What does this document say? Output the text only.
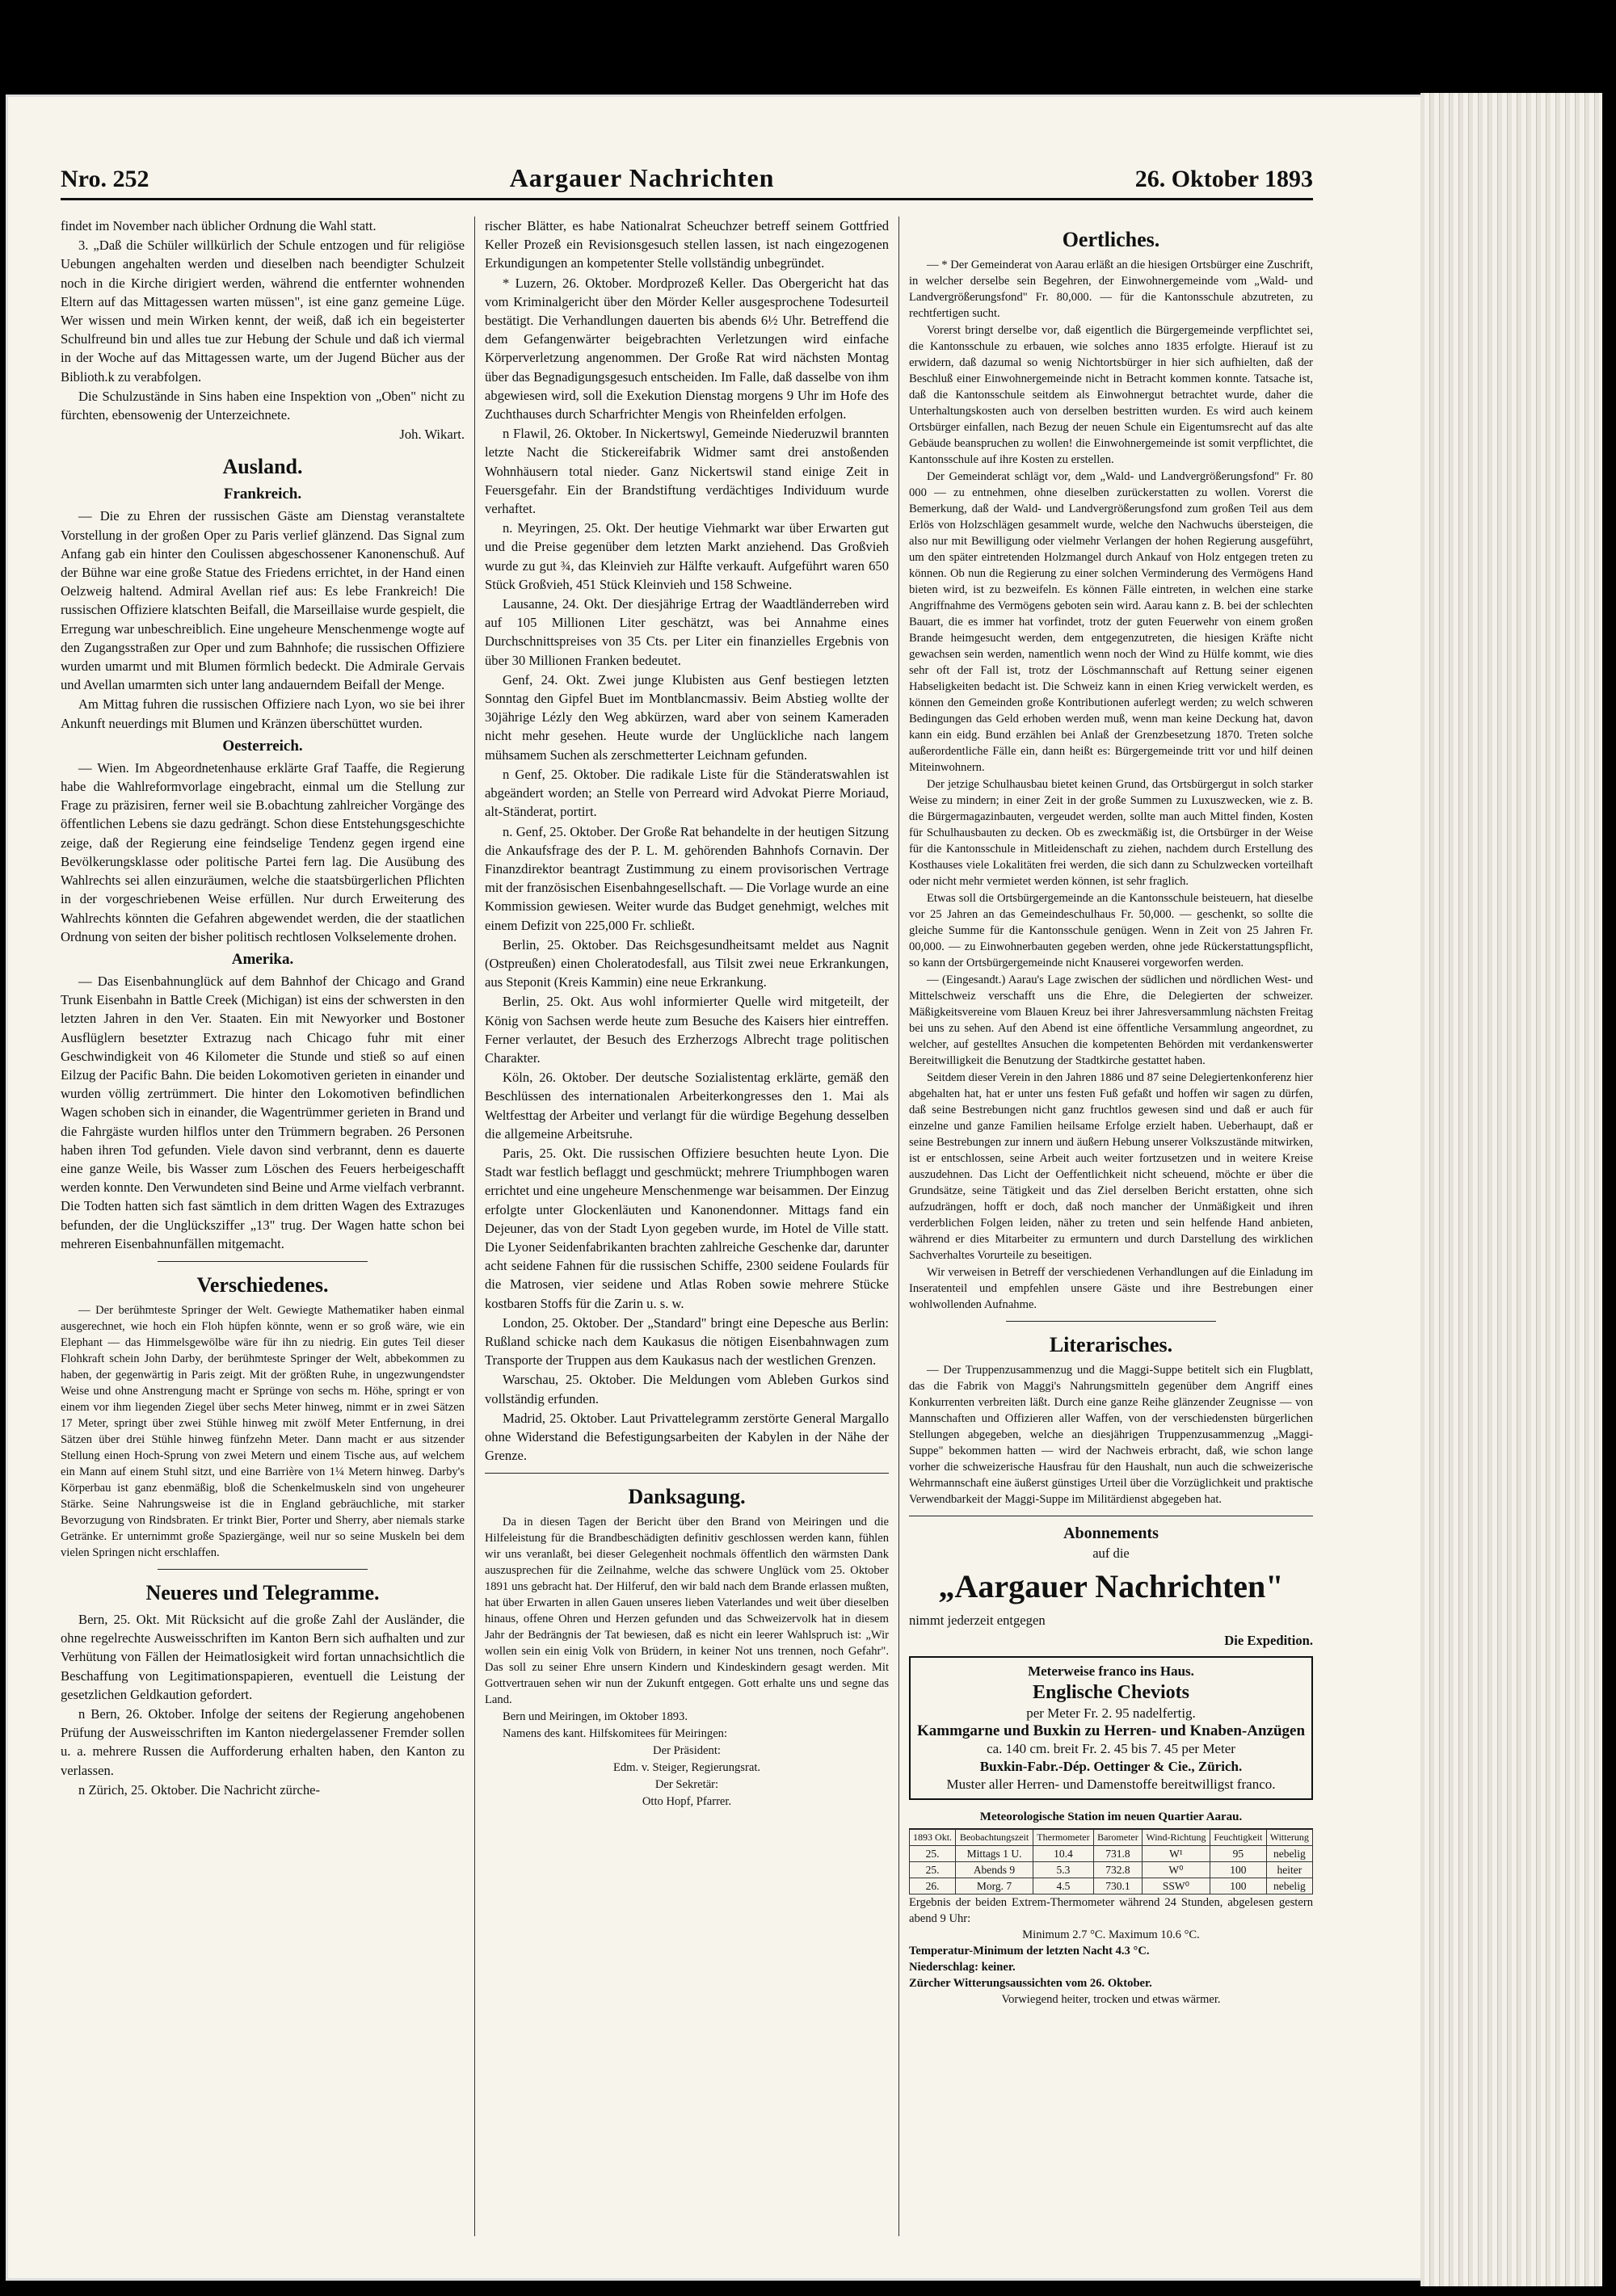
Nro. 252	Aargauer Nachrichten	26. Oktober 1893

findet im November nach üblicher Ordnung die Wahl statt.

3. „Daß die Schüler willkürlich der Schule entzogen und für religiöse Uebungen angehalten werden und dieselben nach beendigter Schulzeit noch in die Kirche dirigiert werden, während die entfernter wohnenden Eltern auf das Mittagessen warten müssen", ist eine ganz gemeine Lüge. Wer wissen und mein Wirken kennt, der weiß, daß ich ein begeisterter Schulfreund bin und alles tue zur Hebung der Schule und daß ich viermal in der Woche auf das Mittagessen warte, um der Jugend Bücher aus der Biblioth.k zu verabfolgen.

Die Schulzustände in Sins haben eine Inspektion von „Oben" nicht zu fürchten, ebensowenig der Unterzeichnete.

Joh. Wikart.

Ausland.
Frankreich.

— Die zu Ehren der russischen Gäste am Dienstag veranstaltete Vorstellung in der großen Oper zu Paris verlief glänzend. Das Signal zum Anfang gab ein hinter den Coulissen abgeschossener Kanonenschuß. Auf der Bühne war eine große Statue des Friedens errichtet, in der Hand einen Oelzweig haltend. Admiral Avellan rief aus: Es lebe Frankreich! Die russischen Offiziere klatschten Beifall, die Marseillaise wurde gespielt, die Erregung war unbeschreiblich. Eine ungeheure Menschenmenge wogte auf den Zugangsstraßen zur Oper und zum Bahnhofe; die russischen Offiziere wurden umarmt und mit Blumen förmlich bedeckt. Die Admirale Gervais und Avellan umarmten sich unter lang andauerndem Beifall der Menge.

Am Mittag fuhren die russischen Offiziere nach Lyon, wo sie bei ihrer Ankunft neuerdings mit Blumen und Kränzen überschüttet wurden.

Oesterreich.

— Wien. Im Abgeordnetenhause erklärte Graf Taaffe, die Regierung habe die Wahlreformvorlage eingebracht, einmal um die Stellung zur Frage zu präzisiren, ferner weil sie B.obachtung zahlreicher Vorgänge des öffentlichen Lebens sie dazu gedrängt. Schon diese Entstehungsgeschichte zeige, daß der Regierung eine feindselige Tendenz gegen irgend eine Bevölkerungsklasse oder politische Partei fern lag. Die Ausübung des Wahlrechts sei allen einzuräumen, welche die staatsbürgerlichen Pflichten in der vorgeschriebenen Weise erfüllen. Nur durch Erweiterung des Wahlrechts könnten die Gefahren abgewendet werden, die der staatlichen Ordnung von seiten der bisher politisch rechtlosen Volkselemente drohen.

Amerika.

— Das Eisenbahnunglück auf dem Bahnhof der Chicago and Grand Trunk Eisenbahn in Battle Creek (Michigan) ist eins der schwersten in den letzten Jahren in den Ver. Staaten. Ein mit Newyorker und Bostoner Ausflüglern besetzter Extrazug nach Chicago fuhr mit einer Geschwindigkeit von 46 Kilometer die Stunde und stieß so auf einen Eilzug der Pacific Bahn. Die beiden Lokomotiven gerieten in einander und wurden völlig zertrümmert. Die hinter den Lokomotiven befindlichen Wagen schoben sich in einander, die Wagentrümmer gerieten in Brand und die Fahrgäste wurden hilflos unter den Trümmern begraben. 26 Personen haben ihren Tod gefunden. Viele davon sind verbrannt, denn es dauerte eine ganze Weile, bis Wasser zum Löschen des Feuers herbeigeschafft werden konnte. Den Verwundeten sind Beine und Arme vielfach verbrannt. Die Todten hatten sich fast sämtlich in dem dritten Wagen des Extrazuges befunden, der die Unglücksziffer „13" trug. Der Wagen hatte schon bei mehreren Eisenbahnunfällen mitgemacht.

Verschiedenes.

— Der berühmteste Springer der Welt. Gewiegte Mathematiker haben einmal ausgerechnet, wie hoch ein Floh hüpfen könnte, wenn er so groß wäre, wie ein Elephant — das Himmelsgewölbe wäre für ihn zu niedrig. Ein gutes Teil dieser Flohkraft schein John Darby, der berühmteste Springer der Welt, abbekommen zu haben, der gegenwärtig in Paris zeigt. Mit der größten Ruhe, in ungezwungendster Weise und ohne Anstrengung macht er Sprünge von sechs m. Höhe, springt er von einem vor ihm liegenden Ziegel über sechs Meter hinweg, nimmt er in zwei Sätzen 17 Meter, springt über zwei Stühle hinweg mit zwölf Meter Entfernung, in drei Sätzen über drei Stühle hinweg fünfzehn Meter. Dann macht er aus sitzender Stellung einen Hoch-Sprung von zwei Metern und einem Tische aus, auf welchem ein Mann auf einem Stuhl sitzt, und eine Barrière von 1¼ Metern hinweg. Darby's Körperbau ist ganz ebenmäßig, bloß die Schenkelmuskeln sind von ungeheurer Stärke. Seine Nahrungsweise ist die in England gebräuchliche, mit starker Bevorzugung von Rindsbraten. Er trinkt Bier, Porter und Sherry, aber niemals starke Getränke. Er unternimmt große Spaziergänge, weil nur so seine Muskeln bei dem vielen Springen nicht erschlaffen.

Neueres und Telegramme.

Bern, 25. Okt. Mit Rücksicht auf die große Zahl der Ausländer, die ohne regelrechte Ausweisschriften im Kanton Bern sich aufhalten und zur Verhütung von Fällen der Heimatlosigkeit wird fortan unnachsichtlich die Beschaffung von Legitimationspapieren, eventuell die Leistung der gesetzlichen Geldkaution gefordert.

n Bern, 26. Oktober. Infolge der seitens der Regierung angehobenen Prüfung der Ausweisschriften im Kanton niedergelassener Fremder sollen u. a. mehrere Russen die Aufforderung erhalten haben, den Kanton zu verlassen.

n Zürich, 25. Oktober. Die Nachricht zürche-

rischer Blätter, es habe Nationalrat Scheuchzer betreff seinem Gottfried Keller Prozeß ein Revisionsgesuch stellen lassen, ist nach eingezogenen Erkundigungen an kompetenter Stelle vollständig unbegründet.

* Luzern, 26. Oktober. Mordprozeß Keller. Das Obergericht hat das vom Kriminalgericht über den Mörder Keller ausgesprochene Todesurteil bestätigt. Die Verhandlungen dauerten bis abends 6½ Uhr. Betreffend die dem Gefangenwärter beigebrachten Verletzungen wird einfache Körperverletzung angenommen. Der Große Rat wird nächsten Montag über das Begnadigungsgesuch entscheiden. Im Falle, daß dasselbe von ihm abgewiesen wird, soll die Exekution Dienstag morgens 9 Uhr im Hofe des Zuchthauses durch Scharfrichter Mengis von Rheinfelden erfolgen.

n Flawil, 26. Oktober. In Nickertswyl, Gemeinde Niederuzwil brannten letzte Nacht die Stickereifabrik Widmer samt drei anstoßenden Wohnhäusern total nieder. Ganz Nickertswil stand einige Zeit in Feuersgefahr. Ein der Brandstiftung verdächtiges Individuum wurde verhaftet.

n. Meyringen, 25. Okt. Der heutige Viehmarkt war über Erwarten gut und die Preise gegenüber dem letzten Markt anziehend. Das Großvieh wurde zu gut ¾, das Kleinvieh zur Hälfte verkauft. Aufgeführt waren 650 Stück Großvieh, 451 Stück Kleinvieh und 158 Schweine.

Lausanne, 24. Okt. Der diesjährige Ertrag der Waadtländerreben wird auf 105 Millionen Liter geschätzt, was bei Annahme eines Durchschnittspreises von 35 Cts. per Liter ein finanzielles Ergebnis von über 30 Millionen Franken bedeutet.

Genf, 24. Okt. Zwei junge Klubisten aus Genf bestiegen letzten Sonntag den Gipfel Buet im Montblancmassiv. Beim Abstieg wollte der 30jährige Lézly den Weg abkürzen, ward aber von seinem Kameraden nicht mehr gesehen. Heute wurde der Unglückliche nach langem mühsamem Suchen als zerschmetterter Leichnam gefunden.

n Genf, 25. Oktober. Die radikale Liste für die Ständeratswahlen ist abgeändert worden; an Stelle von Perreard wird Advokat Pierre Moriaud, alt-Ständerat, portirt.

n. Genf, 25. Oktober. Der Große Rat behandelte in der heutigen Sitzung die Ankaufsfrage des der P. L. M. gehörenden Bahnhofs Cornavin. Der Finanzdirektor beantragt Zustimmung zu einem provisorischen Vertrage mit der französischen Eisenbahngesellschaft. — Die Vorlage wurde an eine Kommission gewiesen. Weiter wurde das Budget genehmigt, welches mit einem Defizit von 225,000 Fr. schließt.

Berlin, 25. Oktober. Das Reichsgesundheitsamt meldet aus Nagnit (Ostpreußen) einen Choleratodesfall, aus Tilsit zwei neue Erkrankungen, aus Steponit (Kreis Kammin) eine neue Erkrankung.

Berlin, 25. Okt. Aus wohl informierter Quelle wird mitgeteilt, der König von Sachsen werde heute zum Besuche des Kaisers hier eintreffen. Ferner verlautet, der Besuch des Erzherzogs Albrecht trage politischen Charakter.

Köln, 26. Oktober. Der deutsche Sozialistentag erklärte, gemäß den Beschlüssen des internationalen Arbeiterkongresses den 1. Mai als Weltfesttag der Arbeiter und verlangt für die würdige Begehung desselben die allgemeine Arbeitsruhe.

Paris, 25. Okt. Die russischen Offiziere besuchten heute Lyon. Die Stadt war festlich beflaggt und geschmückt; mehrere Triumphbogen waren errichtet und eine ungeheure Menschenmenge war beisammen. Der Einzug erfolgte unter Glockenläuten und Kanonendonner. Mittags fand ein Dejeuner, das von der Stadt Lyon gegeben wurde, im Hotel de Ville statt. Die Lyoner Seidenfabrikanten brachten zahlreiche Geschenke dar, darunter acht seidene Fahnen für die russischen Schiffe, 2300 seidene Foulards für die Matrosen, vier seidene und Atlas Roben sowie mehrere Stücke kostbaren Stoffs für die Zarin u. s. w.

London, 25. Oktober. Der „Standard" bringt eine Depesche aus Berlin: Rußland schicke nach dem Kaukasus die nötigen Eisenbahnwagen zum Transporte der Truppen aus dem Kaukasus nach der westlichen Grenzen.

Warschau, 25. Oktober. Die Meldungen vom Ableben Gurkos sind vollständig erfunden.

Madrid, 25. Oktober. Laut Privattelegramm zerstörte General Margallo ohne Widerstand die Befestigungsarbeiten der Kabylen in der Nähe der Grenze.

Danksagung.

Da in diesen Tagen der Bericht über den Brand von Meiringen und die Hilfeleistung für die Brandbeschädigten definitiv geschlossen werden kann, fühlen wir uns veranlaßt, bei dieser Gelegenheit nochmals öffentlich den wärmsten Dank auszusprechen für die Zeilnahme, welche das schwere Unglück vom 25. Oktober 1891 uns gebracht hat. Der Hilferuf, den wir bald nach dem Brande erlassen mußten, hat über Erwarten in allen Gauen unseres lieben Vaterlandes und weit über dieselben hinaus, offene Ohren und Herzen gefunden und das Schweizervolk hat in diesem Jahr der Bedrängnis der Tat bewiesen, daß es nicht ein leerer Wahlspruch ist: „Wir wollen sein ein einig Volk von Brüdern, in keiner Not uns trennen, noch Gefahr". Das soll zu seiner Ehre unsern Kindern und Kindeskindern gesagt werden. Mit Gottvertrauen sehen wir nun der Zukunft entgegen. Gott erhalte uns und segne das Land.

Bern und Meiringen, im Oktober 1893.

Namens des kant. Hilfskomitees für Meiringen:

Der Präsident:

Edm. v. Steiger, Regierungsrat.

Der Sekretär:

Otto Hopf, Pfarrer.

Oertliches.

— * Der Gemeinderat von Aarau erläßt an die hiesigen Ortsbürger eine Zuschrift, in welcher derselbe sein Begehren, der Einwohnergemeinde vom „Wald- und Landvergrößerungsfond" Fr. 80,000. — für die Kantonsschule abzutreten, zu rechtfertigen sucht.

Vorerst bringt derselbe vor, daß eigentlich die Bürgergemeinde verpflichtet sei, die Kantonsschule zu erbauen, wie solches anno 1835 erfolgte. Hierauf ist zu erwidern, daß dazumal so wenig Nichtortsbürger in hier sich aufhielten, daß der Beschluß einer Einwohnergemeinde nicht in Betracht kommen konnte. Tatsache ist, daß die Kantonsschule seitdem als Einwohnergut betrachtet wurde, daher die Unterhaltungskosten auch von derselben bestritten wurden. Es wird auch keinem Ortsbürger einfallen, nach Bezug der neuen Schule ein Eigentumsrecht auf das alte Gebäude beanspruchen zu wollen! die Einwohnergemeinde ist somit verpflichtet, die Kantonsschule auf ihre Kosten zu erstellen.

Der Gemeinderat schlägt vor, dem „Wald- und Landvergrößerungsfond" Fr. 80 000 — zu entnehmen, ohne dieselben zurückerstatten zu wollen. Vorerst die Bemerkung, daß der Wald- und Landvergrößerungsfond zum großen Teil aus dem Erlös von Holzschlägen gesammelt wurde, welche den Nachwuchs übersteigen, die also nur mit Bewilligung oder vielmehr Verlangen der hohen Regierung ausgeführt, um den später eintretenden Holzmangel durch Ankauf von Holz entgegen treten zu können. Ob nun die Regierung zu einer solchen Verminderung des Vermögens Hand bieten wird, ist zu bezweifeln. Es können Fälle eintreten, in welchen eine starke Angriffnahme des Vermögens geboten sein wird. Aarau kann z. B. bei der schlechten Bauart, die es immer hat vorfindet, trotz der guten Feuerwehr von einem großen Brande heimgesucht werden, dem entgegenzutreten, die hiesigen Kräfte nicht gewachsen sein werden, namentlich wenn noch der Wind zu Hülfe kommt, wie dies sehr oft der Fall ist, trotz der Löschmannschaft auf Rettung seiner eigenen Habseligkeiten bedacht ist. Die Schweiz kann in einen Krieg verwickelt werden, es können den Gemeinden große Kontributionen auferlegt werden; zu welch schweren Bedingungen das Geld erhoben werden muß, wenn man keine Deckung hat, davon kann ein eidg. Bund erzählen bei Anlaß der Grenzbesetzung 1870. Treten solche außerordentliche Fälle ein, dann heißt es: Bürgergemeinde tritt vor und hilf deinen Miteinwohnern.

Der jetzige Schulhausbau bietet keinen Grund, das Ortsbürgergut in solch starker Weise zu mindern; in einer Zeit in der große Summen zu Luxuszwecken, wie z. B. die Bürgermagazinbauten, vergeudet werden, sollte man auch Mittel finden, Kosten für Schulhausbauten zu decken. Ob es zweckmäßig ist, die Ortsbürger in der Weise für die Kantonsschule in Mitleidenschaft zu ziehen, nachdem durch Erstellung des Kosthauses viele Lokalitäten frei werden, die sich dann zu Schulzwecken vorteilhaft oder nicht mehr vermietet werden können, ist sehr fraglich.

Etwas soll die Ortsbürgergemeinde an die Kantonsschule beisteuern, hat dieselbe vor 25 Jahren an das Gemeindeschulhaus Fr. 50,000. — geschenkt, so sollte die gleiche Summe für die Kantonsschule genügen. Wenn in Zeit von 25 Jahren Fr. 00,000. — zu Einwohnerbauten gegeben werden, ohne jede Rückerstattungspflicht, so kann der Ortsbürgergemeinde nicht Knauserei vorgeworfen werden.

— (Eingesandt.) Aarau's Lage zwischen der südlichen und nördlichen West- und Mittelschweiz verschafft uns die Ehre, die Delegierten der schweizer. Mäßigkeitsvereine vom Blauen Kreuz bei ihrer Jahresversammlung nächsten Freitag bei uns zu sehen. Auf den Abend ist eine öffentliche Versammlung angeordnet, zu welcher, auf gestelltes Ansuchen die kompetenten Behörden mit verdankenswerter Bereitwilligkeit die Benutzung der Stadtkirche gestattet haben.

Seitdem dieser Verein in den Jahren 1886 und 87 seine Delegiertenkonferenz hier abgehalten hat, hat er unter uns festen Fuß gefaßt und hoffen wir sagen zu dürfen, daß seine Bestrebungen nicht ganz fruchtlos gewesen sind und daß er auch für einzelne und ganze Familien heilsame Erfolge erzielt haben. Ueberhaupt, daß er seine Bestrebungen zur innern und äußern Hebung unserer Volkszustände mitwirken, ist er entschlossen, seine Arbeit auch weiter fortzusetzen und in weitere Kreise auszudehnen. Das Licht der Oeffentlichkeit nicht scheuend, möchte er über die Grundsätze, seine Tätigkeit und das Ziel derselben Bericht erstatten, ohne sich aufzudrängen, hofft er doch, daß noch mancher der Unmäßigkeit und ihren verderblichen Folgen leiden, näher zu treten und sein helfende Hand anbieten, während er dies Mitarbeiter zu ermuntern und durch Darstellung des wirklichen Sachverhaltes Vorurteile zu beseitigen.

Wir verweisen in Betreff der verschiedenen Verhandlungen auf die Einladung im Inseratenteil und empfehlen unsere Gäste und ihre Bestrebungen einer wohlwollenden Aufnahme.

Literarisches.

— Der Truppenzusammenzug und die Maggi-Suppe betitelt sich ein Flugblatt, das die Fabrik von Maggi's Nahrungsmitteln gegenüber dem Angriff eines Konkurrenten verbreiten läßt. Durch eine ganze Reihe glänzender Zeugnisse — von Mannschaften und Offizieren aller Waffen, von der verschiedensten bürgerlichen Stellungen abgegeben, welche an diesjährigen Truppenzusammenzug „Maggi-Suppe" bekommen hatten — wird der Nachweis erbracht, daß, wie schon lange vorher die schweizerische Hausfrau für den Haushalt, nun auch die schweizerische Wehrmannschaft eine äußerst günstiges Urteil über die Vorzüglichkeit und praktische Verwendbarkeit der Maggi-Suppe im Militärdienst abgegeben hat.

Abonnements

auf die

„Aargauer Nachrichten"

nimmt jederzeit entgegen

Die Expedition.

Meterweise franco ins Haus.
Englische Cheviots
per Meter Fr. 2. 95 nadelfertig.
Kammgarne und Buxkin zu Herren- und Knaben-Anzügen
ca. 140 cm. breit Fr. 2. 45 bis 7. 45 per Meter
Buxkin-Fabr.-Dép. Oettinger & Cie., Zürich.
Muster aller Herren- und Damenstoffe bereitwilligst franco.
Meteorologische Station im neuen Quartier Aarau.
1893 Okt.	Beobachtungszeit	Thermometer	Barometer	Wind-Richtung	Feuchtigkeit	Witterung
25.	Mittags 1 U.	10.4	731.8	W¹	95	nebelig
25.	Abends 9	5.3	732.8	W⁰	100	heiter
26.	Morg. 7	4.5	730.1	SSW⁰	100	nebelig
Ergebnis der beiden Extrem-Thermometer während 24 Stunden, abgelesen gestern abend 9 Uhr:
Minimum 2.7 °C. Maximum 10.6 °C.
Temperatur-Minimum der letzten Nacht 4.3 °C.
Niederschlag: keiner.
Zürcher Witterungsaussichten vom 26. Oktober.
Vorwiegend heiter, trocken und etwas wärmer.
